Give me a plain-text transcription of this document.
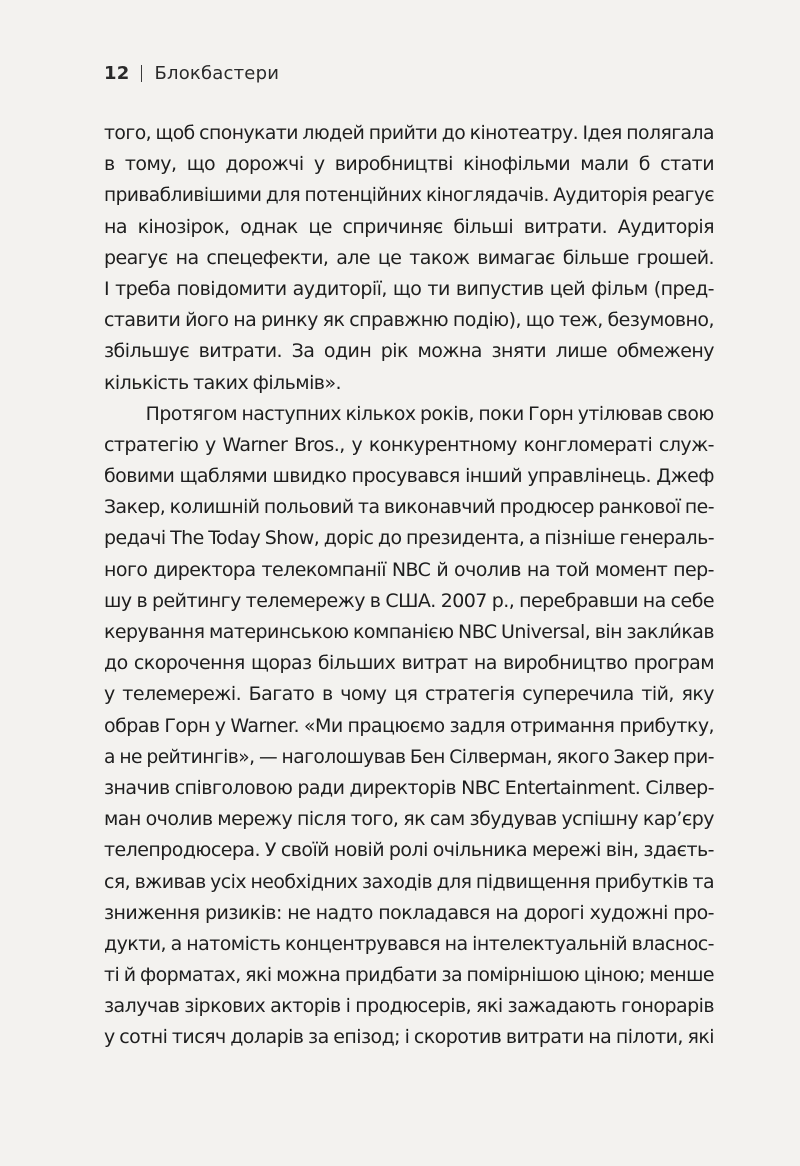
12 Блокбастери
того, щоб спонукати людей прийти до кінотеатру. Ідея полягала
в тому, що дорожчі у виробництві кінофільми мали б стати
привабливішими для потенційних кіноглядачів. Аудиторія реагує
на кінозірок, однак це спричиняє більші витрати. Аудиторія
реагує на спецефекти, але це також вимагає більше грошей.
І треба повідомити аудиторії, що ти випустив цей фільм (пред-
ставити його на ринку як справжню подію), що теж, безумовно,
збільшує витрати. За один рік можна зняти лише обмежену
кількість таких фільмів».
Протягом наступних кількох років, поки Горн утілював свою
стратегію у Warner Bros., у конкурентному конгломераті служ-
бовими щаблями швидко просувався інший управлінець. Джеф
Закер, колишній польовий та виконавчий продюсер ранкової пе-
редачі The Today Show, доріс до президента, а пізніше генераль-
ного директора телекомпанії NBC й очолив на той момент пер-
шу в рейтингу телемережу в США. 2007 р., перебравши на себе
керування материнською компанією NBC Universal, він закли́кав
до скорочення щораз більших витрат на виробництво програм
у телемережі. Багато в чому ця стратегія суперечила тій, яку
обрав Горн у Warner. «Ми працюємо задля отримання прибутку,
а не рейтингів», — наголошував Бен Сілверман, якого Закер при-
значив співголовою ради директорів NBC Entertainment. Сілвер-
ман очолив мережу після того, як сам збудував успішну кар’єру
телепродюсера. У своїй новій ролі очільника мережі він, здаєть-
ся, вживав усіх необхідних заходів для підвищення прибутків та
зниження ризиків: не надто покладався на дорогі художні про-
дукти, а натомість концентрувався на інтелектуальній власнос-
ті й форматах, які можна придбати за помірнішою ціною; менше
залучав зіркових акторів і продюсерів, які зажадають гонорарів
у сотні тисяч доларів за епізод; і скоротив витрати на пілоти, які
